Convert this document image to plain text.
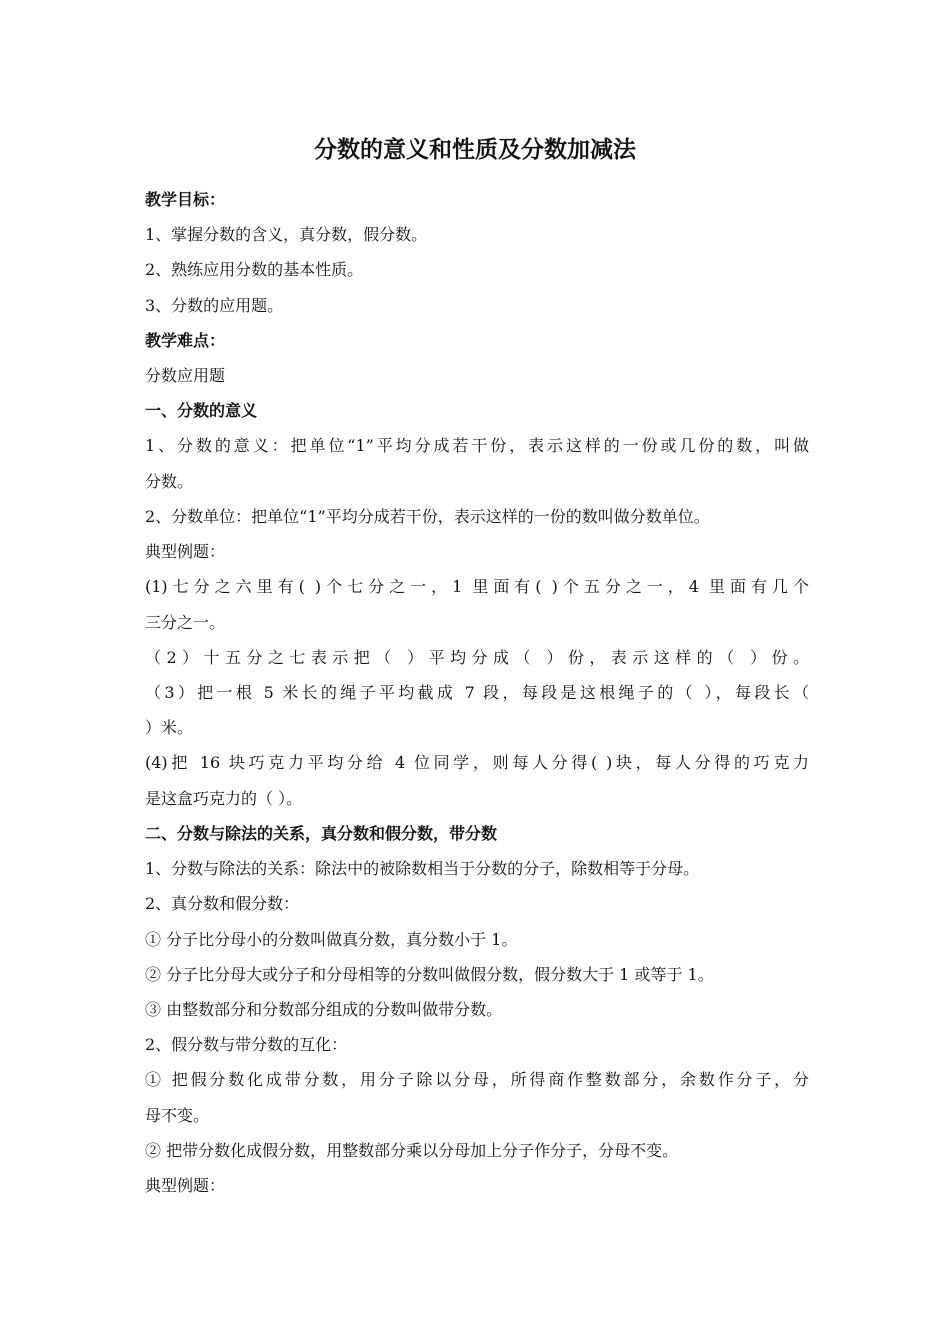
分数的意义和性质及分数加减法

教学目标：

1、掌握分数的含义，真分数，假分数。

2、熟练应用分数的基本性质。

3、分数的应用题。

教学难点：

分数应用题

一、分数的意义

1、分数的意义：把单位“1”平均分成若干份，表示这样的一份或几份的数，叫做

分数。

2、分数单位：把单位“1”平均分成若干份，表示这样的一份的数叫做分数单位。

典型例题：

(1)七分之六里有( )个七分之一，1 里面有( )个五分之一，4 里面有几个

三分之一。

（2）十五分之七表示把（ ）平均分成（ ）份，表示这样的（ ）份。

（3）把一根 5 米长的绳子平均截成 7 段，每段是这根绳子的（ ），每段长（

）米。

(4)把 16 块巧克力平均分给 4 位同学，则每人分得( )块，每人分得的巧克力

是这盒巧克力的（ ）。

二、分数与除法的关系，真分数和假分数，带分数

1、分数与除法的关系：除法中的被除数相当于分数的分子，除数相等于分母。

2、真分数和假分数：

① 分子比分母小的分数叫做真分数，真分数小于 1。

② 分子比分母大或分子和分母相等的分数叫做假分数，假分数大于 1 或等于 1。

③ 由整数部分和分数部分组成的分数叫做带分数。

2、假分数与带分数的互化：

① 把假分数化成带分数，用分子除以分母，所得商作整数部分，余数作分子，分

母不变。

② 把带分数化成假分数，用整数部分乘以分母加上分子作分子，分母不变。

典型例题：
